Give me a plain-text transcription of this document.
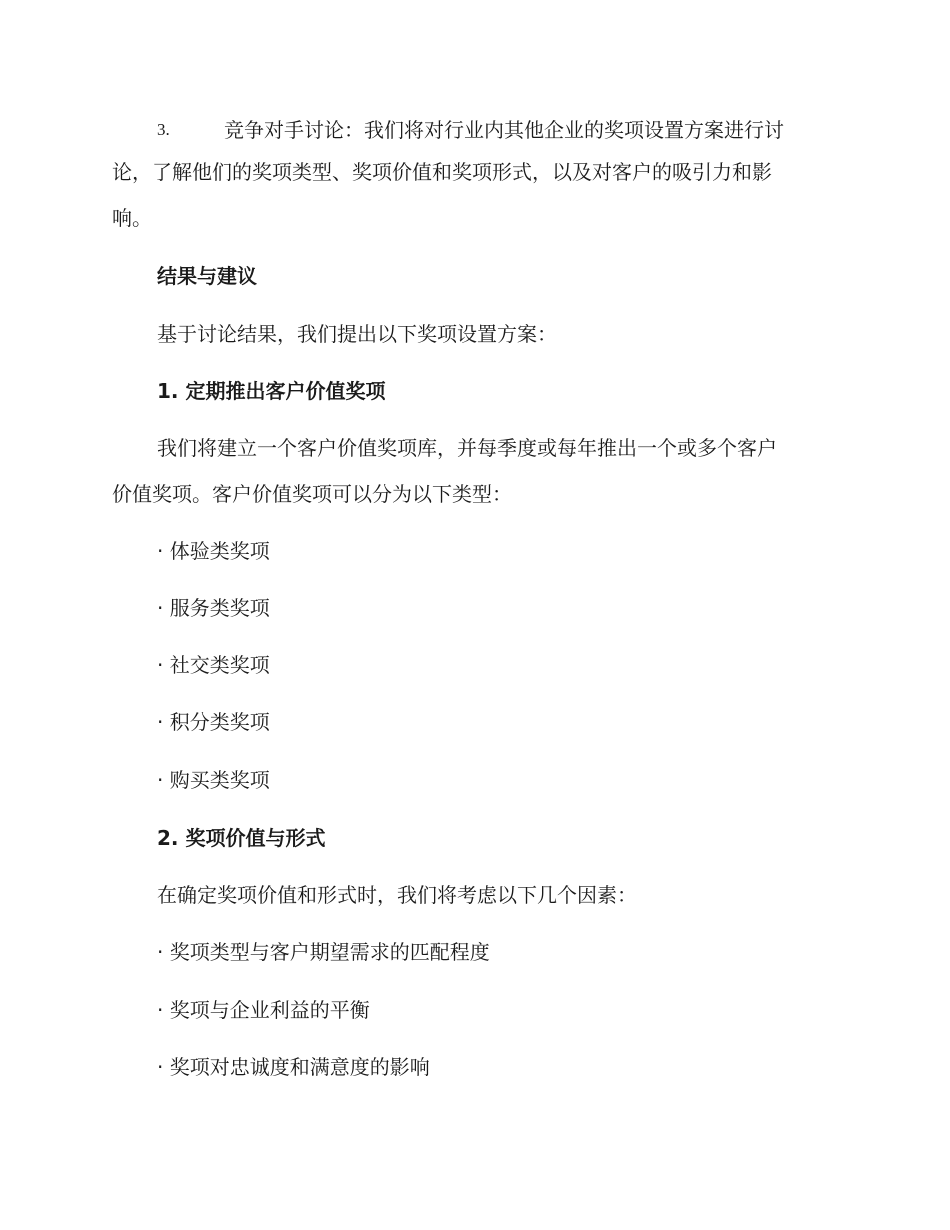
3.	竞争对手讨论：我们将对行业内其他企业的奖项设置方案进行讨
论，了解他们的奖项类型、奖项价值和奖项形式，以及对客户的吸引力和影
响。
结果与建议
基于讨论结果，我们提出以下奖项设置方案：
1. 定期推出客户价值奖项
我们将建立一个客户价值奖项库，并每季度或每年推出一个或多个客户
价值奖项。客户价值奖项可以分为以下类型：
· 体验类奖项
· 服务类奖项
· 社交类奖项
· 积分类奖项
· 购买类奖项
2. 奖项价值与形式
在确定奖项价值和形式时，我们将考虑以下几个因素：
· 奖项类型与客户期望需求的匹配程度
· 奖项与企业利益的平衡
· 奖项对忠诚度和满意度的影响
